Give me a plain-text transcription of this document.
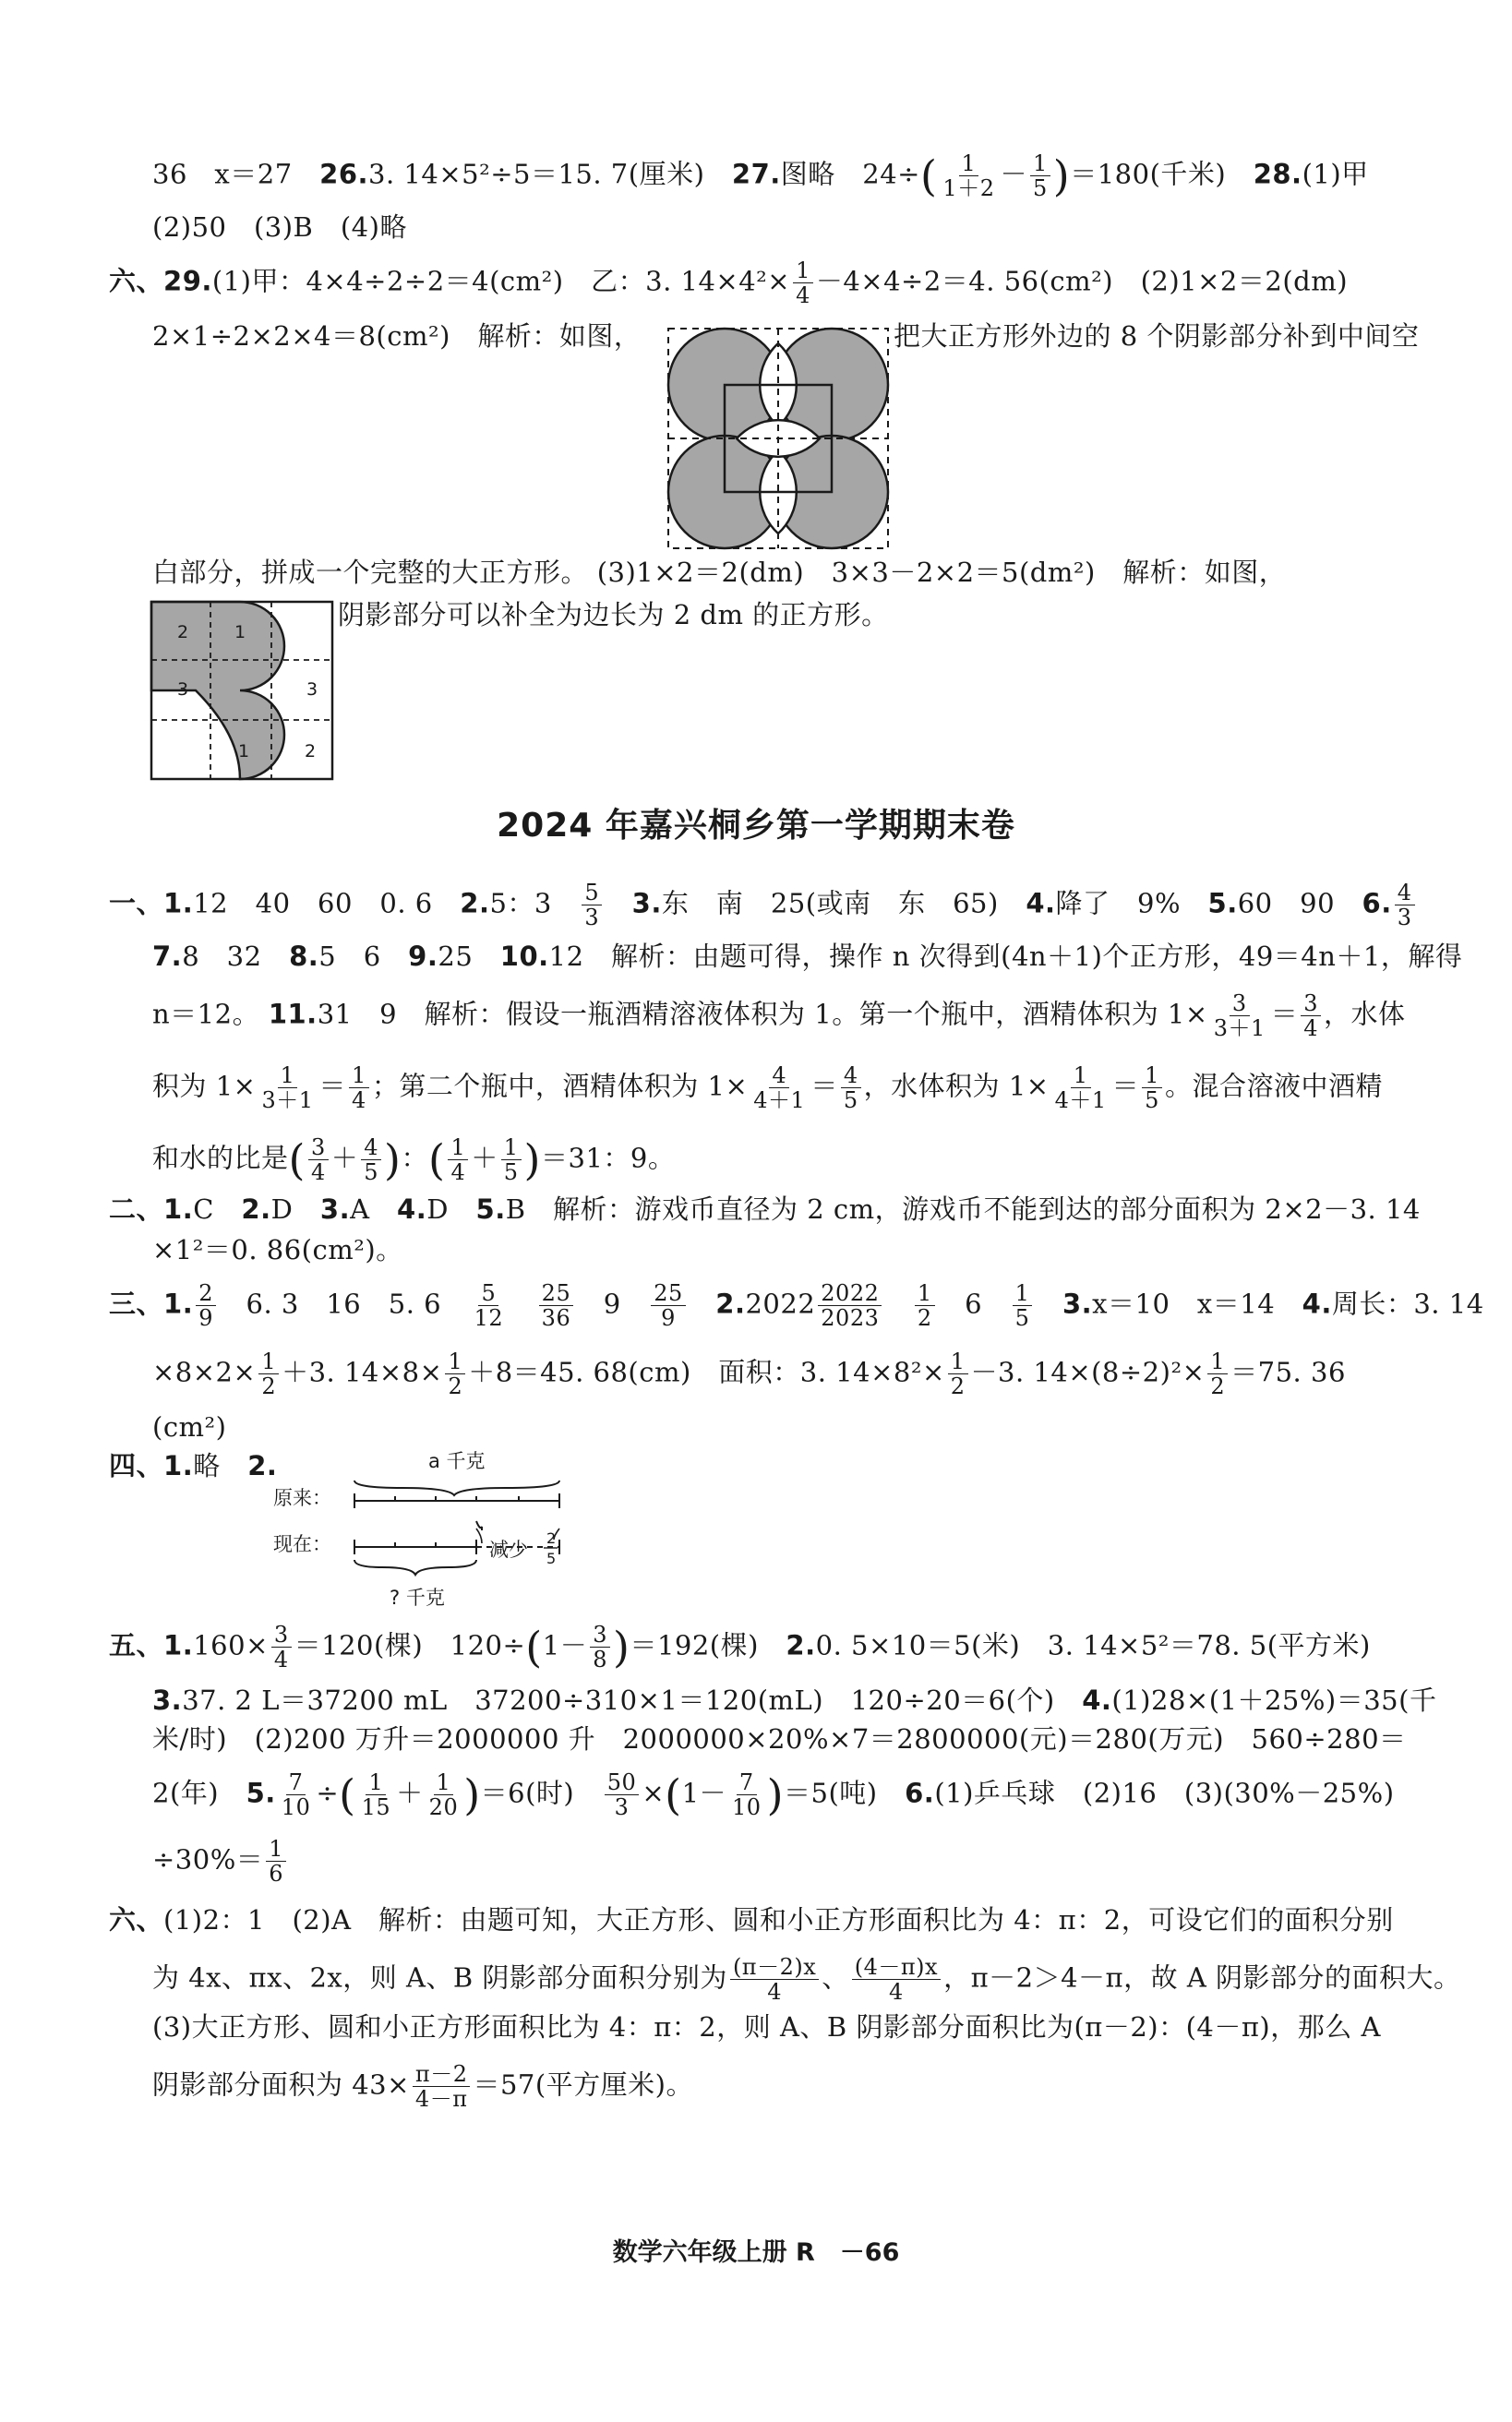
36　x＝27　26.3. 14×5²÷5＝15. 7(厘米)　27.图略　$24\div( \frac{1}{1+2} - \frac{1}{5} )=180$(千米)　28.(1)甲
(2)50　(3)B　(4)略
六、29.(1)甲：4×4÷2÷2＝4(cm²)　乙：3. $14\times 4^2\times \frac{1}{4} -4\times 4\div 2=4$. 56(cm²)　(2)1×2＝2(dm)
2×1÷2×2×4＝8(cm²)　解析：如图，	把大正方形外边的 8 个阴影部分补到中间空
白部分，拼成一个完整的大正方形。 (3)1×2＝2(dm)　3×3－2×2＝5(dm²)　解析：如图，
阴影部分可以补全为边长为 2 dm 的正方形。
2	1
3	3
1	2
2024 年嘉兴桐乡第一学期期末卷
一、1.12　40　60　0. 6　2.5：3　 $\frac{5}{3}$
　 3.东　南　25(或南　东　65)　4.降了　9%　5.60　90　6. $\frac{4}{3}$
7.8　32　8.5　6　9.25　10.12　解析：由题可得，操作 n 次得到(4n＋1)个正方形，49＝4n＋1，解得
n＝12。 11.31　9　解析：假设一瓶酒精溶液体积为 1。第一个瓶中，酒精体积为 $1\times \frac{3}{3+1} = \frac{3}{4}$ ，水体
积为 $1\times \frac{1}{3+1} = \frac{1}{4}$ ；第二个瓶中，酒精体积为 $1\times \frac{4}{4+1} = \frac{4}{5}$ ，水体积为 $1\times \frac{1}{4+1} = \frac{1}{5}$ 。混合溶液中酒精
和水的比是( $\frac{3}{4} + \frac{4}{5}$ )：( $\frac{1}{4} + \frac{1}{5} )=31$：9。
二、1.C　2.D　3.A　4.D　5.B　解析：游戏币直径为 2 cm，游戏币不能到达的部分面积为 2×2－3. 14
×1²＝0. 86(cm²)。
三、1. $\frac{2}{9}$
　 6. 3　16　5. 6　 $\frac{5}{12}$
　 $\frac{25}{36}$
　 9　 $\frac{25}{9}$
　 $2.2022 \frac{2022}{2023}$
　 $\frac{1}{2}$
　 6　 $\frac{1}{5}$
　 3.x＝10　x＝14　4.周长：3. 14
$\times 8\times 2\times \frac{1}{2} +3$. $14\times 8\times \frac{1}{2} +8=45$. 68(cm)　面积：3. $14\times 8^2\times \frac{1}{2} -3$. $14\times(8\div 2)^2\times \frac{1}{2} =75$. 36
(cm²)
四、1.略　2.	a 千克
原来：
现在：	减少
2
5
? 千克
五、$1.160\times \frac{3}{4} =120$(棵)　$120\div(1- \frac{3}{8} )=192$(棵)　2.0. 5×10＝5(米)　3. 14×5²＝78. 5(平方米)
3.37. 2 L＝37200 mL　37200÷310×1＝120(mL)　120÷20＝6(个)　4.(1)28×(1＋25%)＝35(千
米/时)　(2)200 万升＝2000000 升　2000000×20%×7＝2800000(元)＝280(万元)　560÷280＝
2(年)　5. $\frac{7}{10}$ ÷( $\frac{1}{15} + \frac{1}{20} )=6$(时)　 $\frac{50}{3} \times(1- \frac{7}{10} )=5$(吨)　6.(1)乒乓球　(2)16　(3)(30%－25%)
$\div 30\%= \frac{1}{6}$
六、(1)2：1　(2)A　解析：由题可知，大正方形、圆和小正方形面积比为 4：π：2，可设它们的面积分别
为 4x、πx、2x，则 A、B 阴影部分面积分别为 $\frac{(\pi-2)x}{4}$ 、 $\frac{(4-\pi)x}{4}$ ，π－2＞4－π，故 A 阴影部分的面积大。
(3)大正方形、圆和小正方形面积比为 4：π：2，则 A、B 阴影部分面积比为(π－2)：(4－π)，那么 A
阴影部分面积为 $43\times \frac{\pi-2}{4-\pi} =57$(平方厘米)。
数学六年级上册 R　－66
